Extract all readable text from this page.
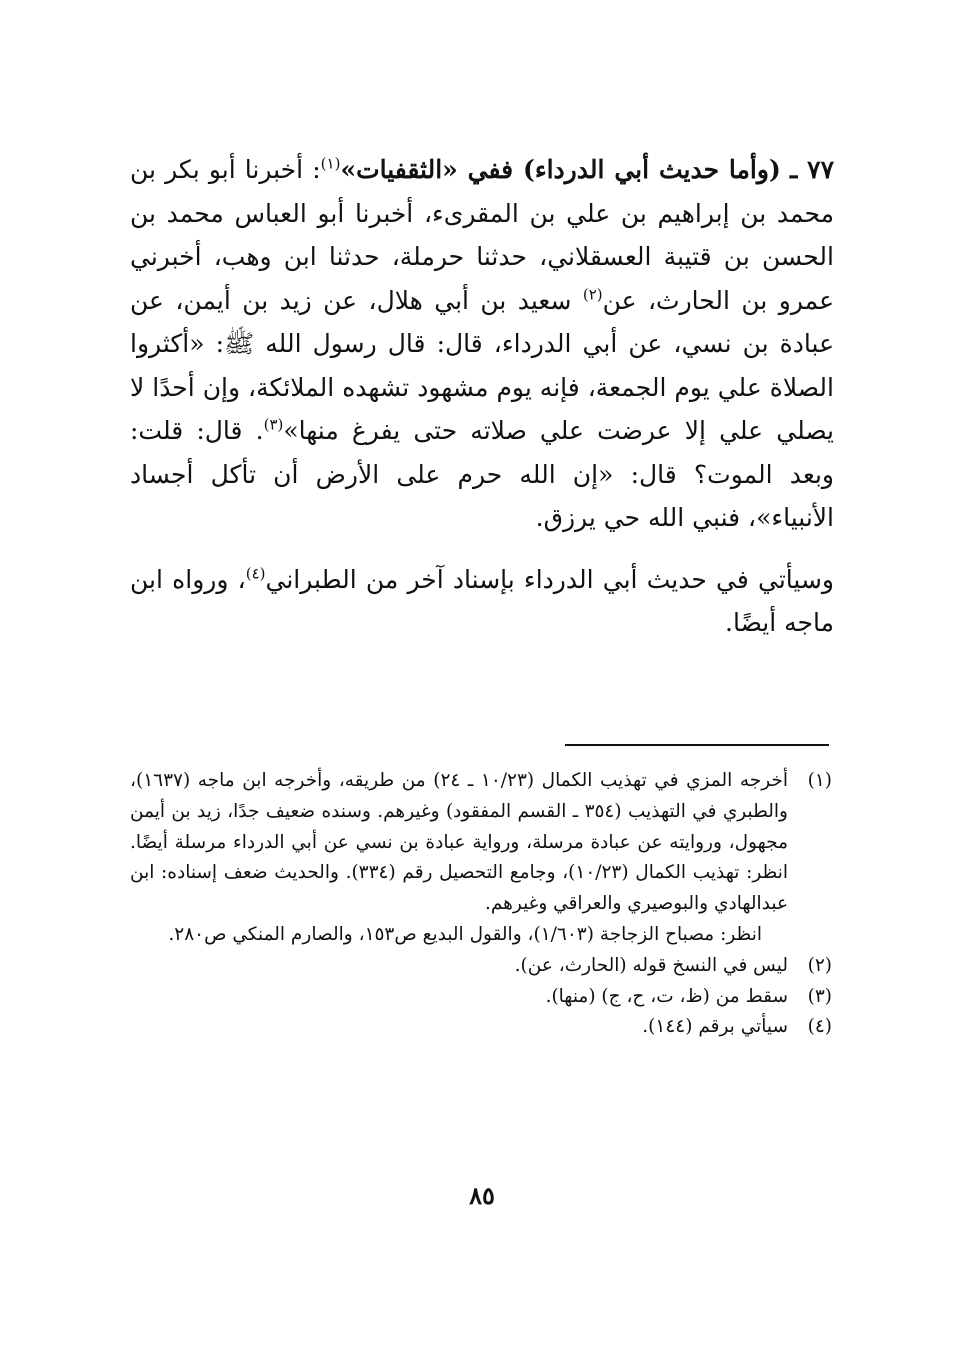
٧٧ ـ (وأما حديث أبي الدرداء) ففي «الثقفيات»$^{(١)}$: أخبرنا أبو بكر بن محمد بن إبراهيم بن علي بن المقرىء، أخبرنا أبو العباس محمد بن الحسن بن قتيبة العسقلاني، حدثنا حرملة، حدثنا ابن وهب، أخبرني عمرو بن الحارث، عن$^{(٢)}$ سعيد بن أبي هلال، عن زيد بن أيمن، عن عبادة بن نسي، عن أبي الدرداء، قال: قال رسول الله ﷺ: «أكثروا الصلاة علي يوم الجمعة، فإنه يوم مشهود تشهده الملائكة، وإن أحدًا لا يصلي علي إلا عرضت علي صلاته حتى يفرغ منها»$^{(٣)}$. قال: قلت: وبعد الموت؟ قال: «إن الله حرم على الأرض أن تأكل أجساد الأنبياء»، فنبي الله حي يرزق.

وسيأتي في حديث أبي الدرداء بإسناد آخر من الطبراني$^{(٤)}$، ورواه ابن ماجه أيضًا.

(١)
أخرجه المزي في تهذيب الكمال (١٠/٢٣ ـ ٢٤) من طريقه، وأخرجه ابن ماجه (١٦٣٧)، والطبري في التهذيب (٣٥٤ ـ القسم المفقود) وغيرهم. وسنده ضعيف جدًا، زيد بن أيمن مجهول، وروايته عن عبادة مرسلة، ورواية عبادة بن نسي عن أبي الدرداء مرسلة أيضًا. انظر: تهذيب الكمال (١٠/٢٣)، وجامع التحصيل رقم (٣٣٤). والحديث ضعف إسناده: ابن عبدالهادي والبوصيري والعراقي وغيرهم.
انظر: مصباح الزجاجة (١/٦٠٣)، والقول البديع ص١٥٣، والصارم المنكي ص٢٨٠.
(٢)
ليس في النسخ قوله (الحارث، عن).
(٣)
سقط من (ظ، ت، ح، ج) (منها).
(٤)
سيأتي برقم (١٤٤).
٨٥
